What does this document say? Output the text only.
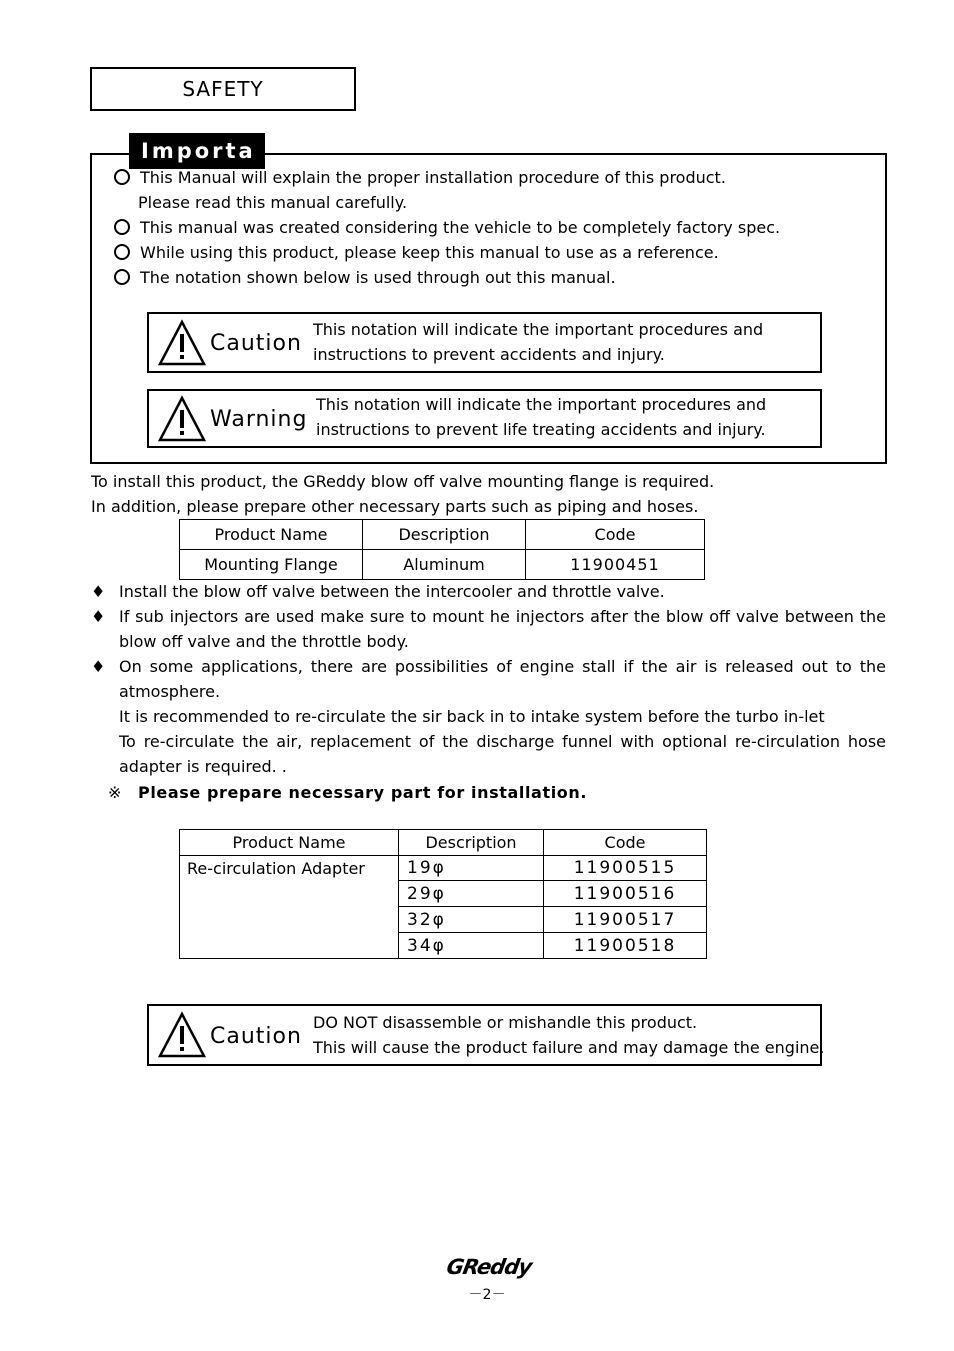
SAFETY
Importa
This Manual will explain the proper installation procedure of this product.
Please read this manual carefully.
This manual was created considering the vehicle to be completely factory spec.
While using this product, please keep this manual to use as a reference.
The notation shown below is used through out this manual.
Caution
This notation will indicate the important procedures and
instructions to prevent accidents and injury.
Warning
This notation will indicate the important procedures and
instructions to prevent life treating accidents and injury.
To install this product, the GReddy blow off valve mounting flange is required.
In addition, please prepare other necessary parts such as piping and hoses.
Product Name	Description	Code
Mounting Flange	Aluminum	11900451
♦ Install the blow off valve between the intercooler and throttle valve.
♦ If sub injectors are used make sure to mount he injectors after the blow off valve between the
blow off valve and the throttle body.
♦ On some applications, there are possibilities of engine stall if the air is released out to the
atmosphere.
It is recommended to re-circulate the sir back in to intake system before the turbo in-let
To re-circulate the air, replacement of the discharge funnel with optional re-circulation hose
adapter is required. .
※ Please prepare necessary part for installation.
Product Name	Description	Code
Re-circulation Adapter	19φ	11900515
	29φ	11900516
	32φ	11900517
	34φ	11900518
Caution
DO NOT disassemble or mishandle this product.
This will cause the product failure and may damage the engine.
GReddy
－2－
